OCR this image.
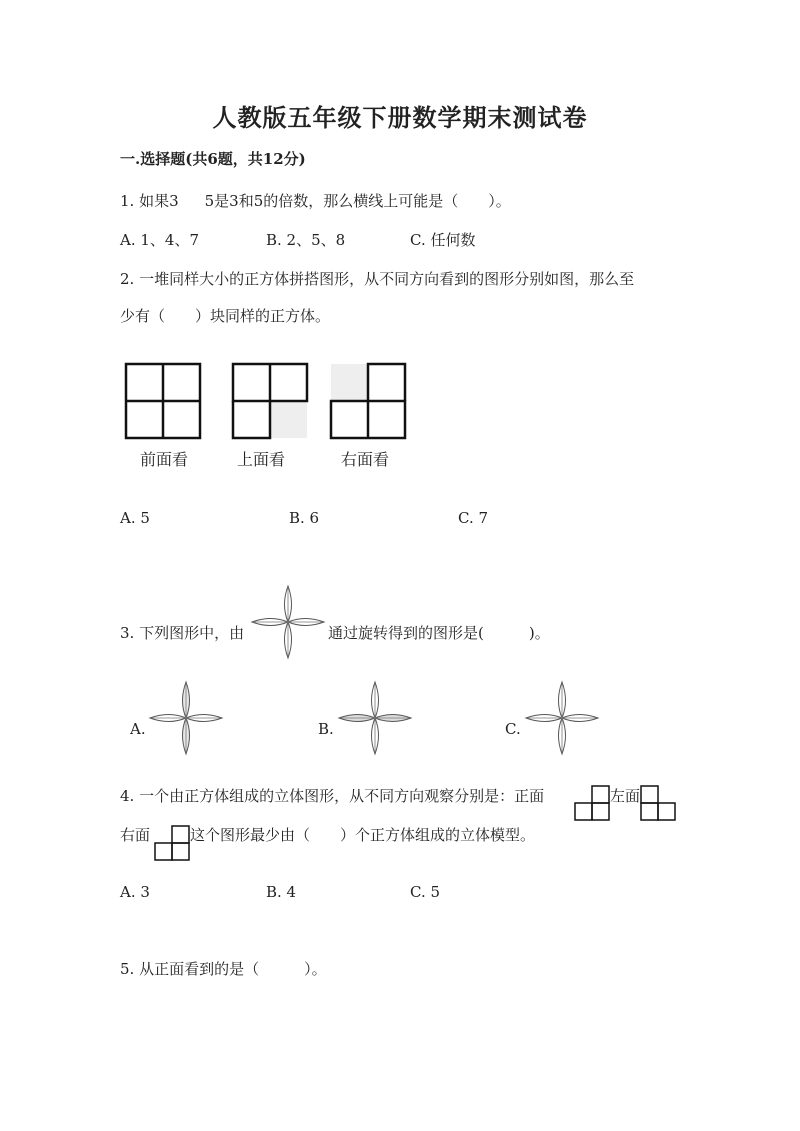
人教版五年级下册数学期末测试卷
一.选择题(共6题，共12分)
1. 如果3 5是3和5的倍数，那么横线上可能是（　　）。
A. 1、4、7	B. 2、5、8	C. 任何数
2. 一堆同样大小的正方体拼搭图形，从不同方向看到的图形分别如图，那么至
少有（　　）块同样的正方体。
前面看	上面看	右面看
A. 5	B. 6	C. 7
3. 下列图形中，由	通过旋转得到的图形是(　　　)。
A.	B.	C.
4. 一个由正方体组成的立体图形，从不同方向观察分别是：正面	左面
右面	这个图形最少由（　　）个正方体组成的立体模型。
A. 3	B. 4	C. 5
5. 从正面看到的是（　　　）。
